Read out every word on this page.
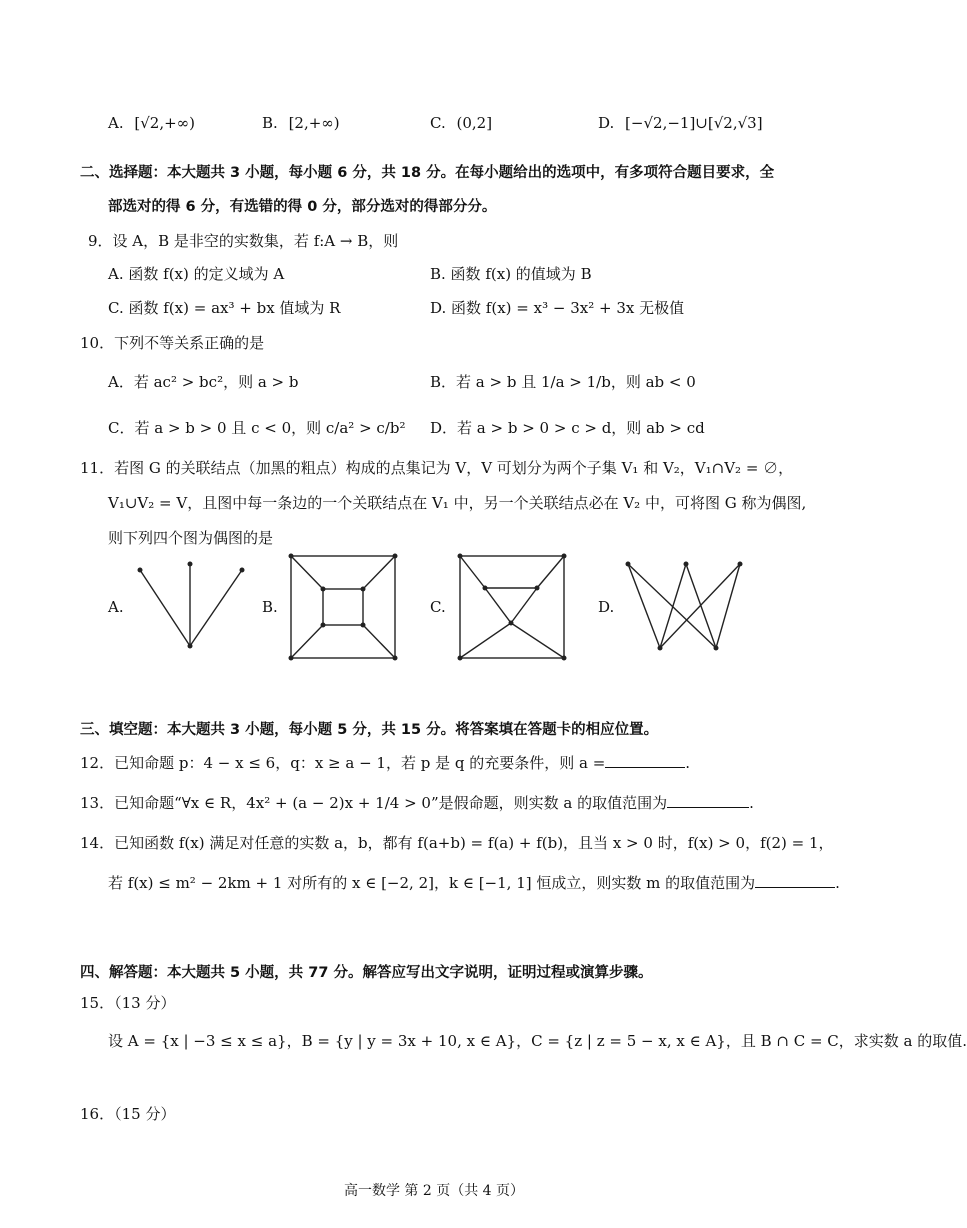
A. [√2,+∞)	B. [2,+∞)	C. (0,2]	D. [−√2,−1]∪[√2,√3]
二、选择题：本大题共 3 小题，每小题 6 分，共 18 分。在每小题给出的选项中，有多项符合题目要求，全
部选对的得 6 分，有选错的得 0 分，部分选对的得部分分。
9．设 A，B 是非空的实数集，若 f:A → B，则
A. 函数 f(x) 的定义域为 A	B. 函数 f(x) 的值域为 B
C. 函数 f(x) = ax³ + bx 值域为 R	D. 函数 f(x) = x³ − 3x² + 3x 无极值
10．下列不等关系正确的是
A．若 ac² > bc²，则 a > b	B．若 a > b 且 1/a > 1/b，则 ab < 0
C．若 a > b > 0 且 c < 0，则 c/a² > c/b² D．若 a > b > 0 > c > d，则 ab > cd
11．若图 G 的关联结点（加黑的粗点）构成的点集记为 V，V 可划分为两个子集 V₁ 和 V₂，V₁∩V₂ = ∅，
V₁∪V₂ = V，且图中每一条边的一个关联结点在 V₁ 中，另一个关联结点必在 V₂ 中，可将图 G 称为偶图,
则下列四个图为偶图的是
A.	B.	C.	D.
三、填空题：本大题共 3 小题，每小题 5 分，共 15 分。将答案填在答题卡的相应位置。
12．已知命题 p：4 − x ≤ 6，q：x ≥ a − 1，若 p 是 q 的充要条件，则 a =	.
13．已知命题“∀x ∈ R，4x² + (a − 2)x + 1/4 > 0”是假命题，则实数 a 的取值范围为	.
14．已知函数 f(x) 满足对任意的实数 a，b，都有 f(a+b) = f(a) + f(b)，且当 x > 0 时，f(x) > 0，f(2) = 1，
若 f(x) ≤ m² − 2km + 1 对所有的 x ∈ [−2, 2]，k ∈ [−1, 1] 恒成立，则实数 m 的取值范围为	.
四、解答题：本大题共 5 小题，共 77 分。解答应写出文字说明，证明过程或演算步骤。
15．（13 分）
设 A = {x | −3 ≤ x ≤ a}，B = {y | y = 3x + 10, x ∈ A}，C = {z | z = 5 − x, x ∈ A}，且 B ∩ C = C，求实数 a 的取值.
16．（15 分）
高一数学 第 2 页（共 4 页）
